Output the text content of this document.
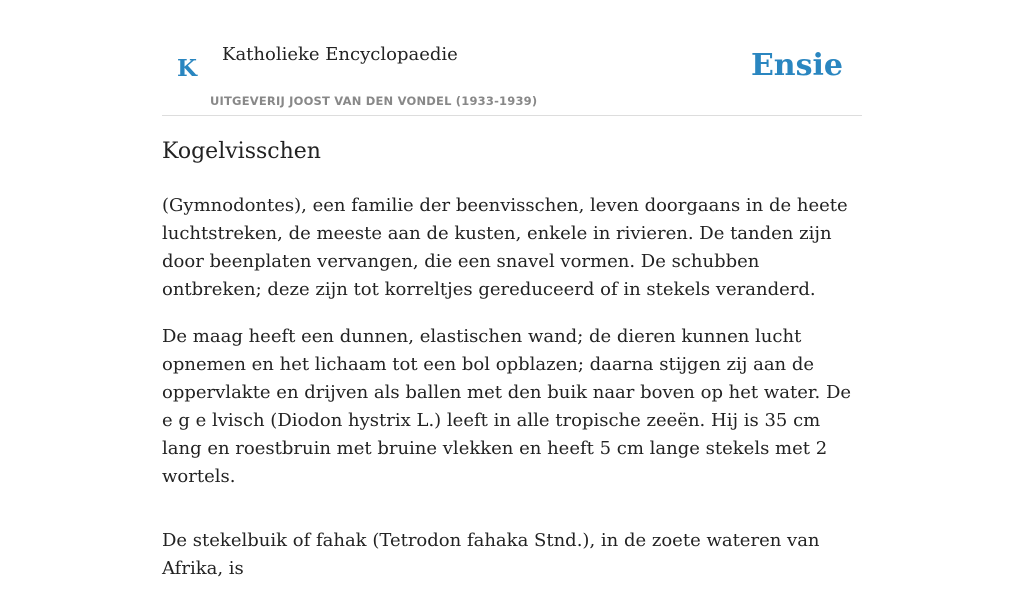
K
Katholieke Encyclopaedie
UITGEVERIJ JOOST VAN DEN VONDEL (1933-1939)
Ensie
Kogelvisschen

(Gymnodontes), een familie der beenvisschen, leven doorgaans in de heete luchtstreken, de meeste aan de kusten, enkele in rivieren. De tanden zijn door beenplaten vervangen, die een snavel vormen. De schubben ontbreken; deze zijn tot korreltjes gereduceerd of in stekels veranderd.

De maag heeft een dunnen, elastischen wand; de dieren kunnen lucht opnemen en het lichaam tot een bol opblazen; daarna stijgen zij aan de oppervlakte en drijven als ballen met den buik naar boven op het water. De e g e lvisch (Diodon hystrix L.) leeft in alle tropische zeeën. Hij is 35 cm lang en roestbruin met bruine vlekken en heeft 5 cm lange stekels met 2 wortels.

De stekelbuik of fahak (Tetrodon fahaka Stnd.), in de zoete wateren van Afrika, is
